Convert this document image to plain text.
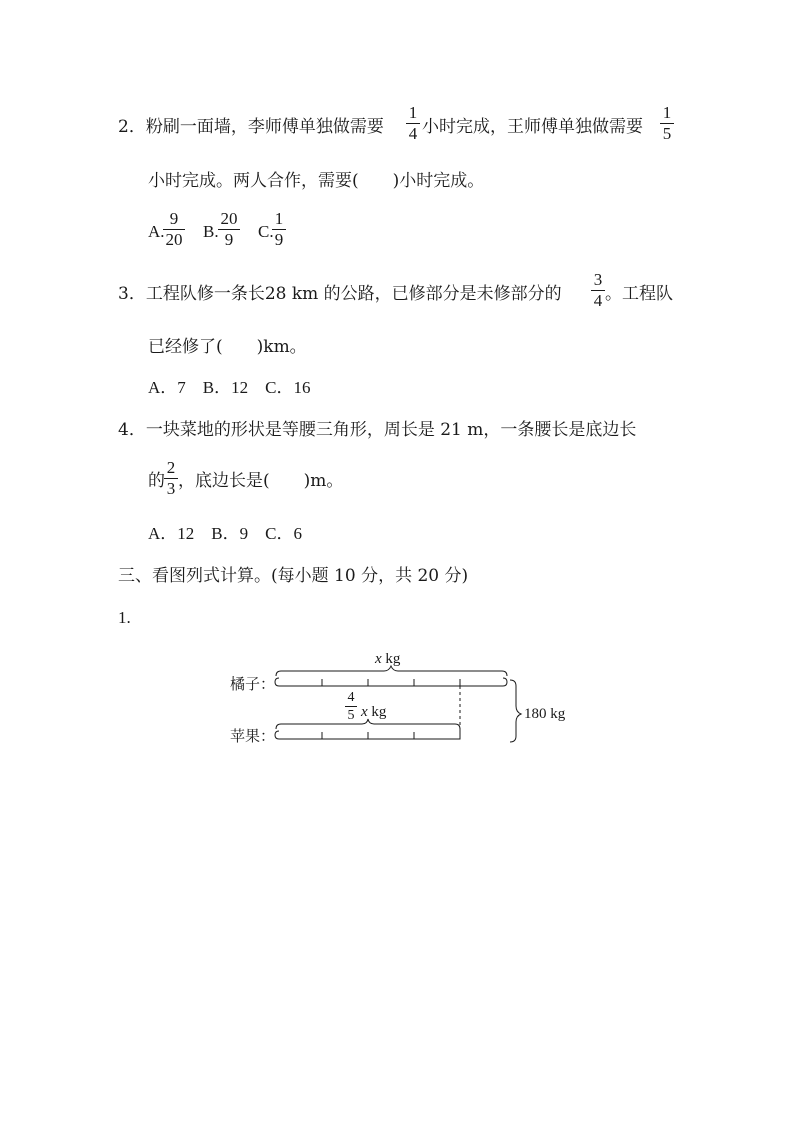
2．粉刷一面墙，李师傅单独做需要
1
4 小时完成，王师傅单独做需要
1
5
小时完成。两人合作，需要(　　)小时完成。
A.
9
20 B.
20
9	C.
1
9
3．工程队修一条长28 km 的公路，已修部分是未修部分的
3
4 。工程队
已经修了(　　)km。
A．7　B．12　C．16
4．一块菜地的形状是等腰三角形，周长是 21 m，一条腰长是底边长
的
2
3 ，底边长是(　　)m。
A．12　B．9　C．6
三、看图列式计算。(每小题 10 分，共 20 分)
1.
橘子：
苹果：
x kg
4
5 x kg	180 kg
